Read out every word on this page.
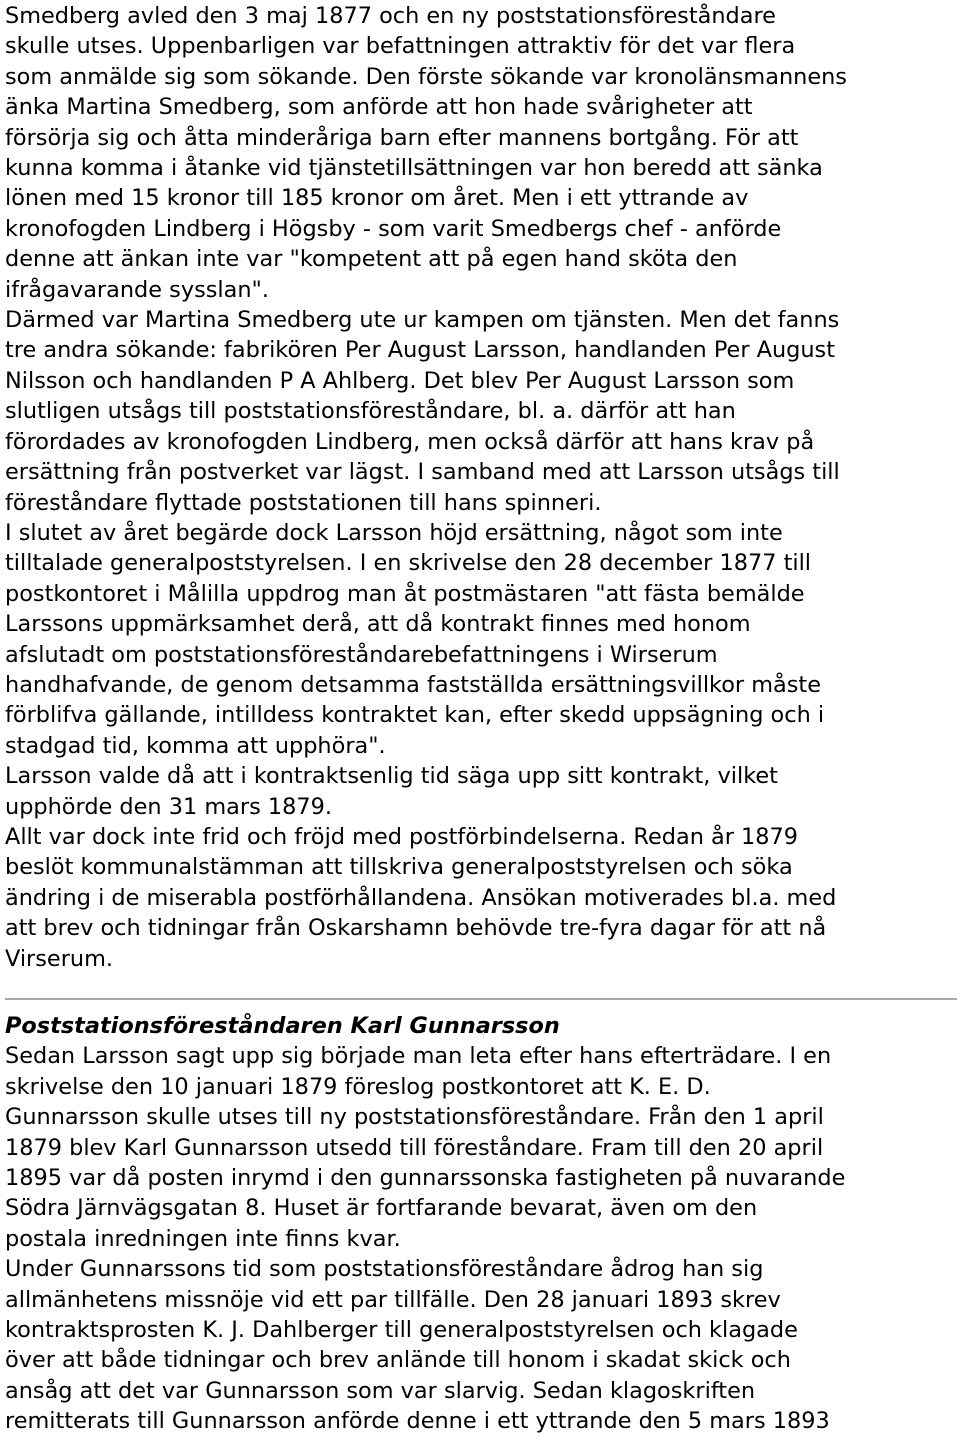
Smedberg avled den 3 maj 1877 och en ny poststationsföreståndare
skulle utses. Uppenbarligen var befattningen attraktiv för det var flera
som anmälde sig som sökande. Den förste sökande var kronolänsmannens
änka Martina Smedberg, som anförde att hon hade svårigheter att
försörja sig och åtta minderåriga barn efter mannens bortgång. För att
kunna komma i åtanke vid tjänstetillsättningen var hon beredd att sänka
lönen med 15 kronor till 185 kronor om året. Men i ett yttrande av
kronofogden Lindberg i Högsby - som varit Smedbergs chef - anförde
denne att änkan inte var "kompetent att på egen hand sköta den
ifrågavarande sysslan".
Därmed var Martina Smedberg ute ur kampen om tjänsten. Men det fanns
tre andra sökande: fabrikören Per August Larsson, handlanden Per August
Nilsson och handlanden P A Ahlberg. Det blev Per August Larsson som
slutligen utsågs till poststationsföreståndare, bl. a. därför att han
förordades av kronofogden Lindberg, men också därför att hans krav på
ersättning från postverket var lägst. I samband med att Larsson utsågs till
föreståndare flyttade poststationen till hans spinneri.
I slutet av året begärde dock Larsson höjd ersättning, något som inte
tilltalade generalpoststyrelsen. I en skrivelse den 28 december 1877 till
postkontoret i Målilla uppdrog man åt postmästaren "att fästa bemälde
Larssons uppmärksamhet derå, att då kontrakt finnes med honom
afslutadt om poststationsföreståndarebefattningens i Wirserum
handhafvande, de genom detsamma fastställda ersättningsvillkor måste
förblifva gällande, intilldess kontraktet kan, efter skedd uppsägning och i
stadgad tid, komma att upphöra".
Larsson valde då att i kontraktsenlig tid säga upp sitt kontrakt, vilket
upphörde den 31 mars 1879.
Allt var dock inte frid och fröjd med postförbindelserna. Redan år 1879
beslöt kommunalstämman att tillskriva generalpoststyrelsen och söka
ändring i de miserabla postförhållandena. Ansökan motiverades bl.a. med
att brev och tidningar från Oskarshamn behövde tre-fyra dagar för att nå
Virserum.
Poststationsföreståndaren Karl Gunnarsson
Sedan Larsson sagt upp sig började man leta efter hans efterträdare. I en
skrivelse den 10 januari 1879 föreslog postkontoret att K. E. D.
Gunnarsson skulle utses till ny poststationsföreståndare. Från den 1 april
1879 blev Karl Gunnarsson utsedd till föreståndare. Fram till den 20 april
1895 var då posten inrymd i den gunnarssonska fastigheten på nuvarande
Södra Järnvägsgatan 8. Huset är fortfarande bevarat, även om den
postala inredningen inte finns kvar.
Under Gunnarssons tid som poststationsföreståndare ådrog han sig
allmänhetens missnöje vid ett par tillfälle. Den 28 januari 1893 skrev
kontraktsprosten K. J. Dahlberger till generalpoststyrelsen och klagade
över att både tidningar och brev anlände till honom i skadat skick och
ansåg att det var Gunnarsson som var slarvig. Sedan klagoskriften
remitterats till Gunnarsson anförde denne i ett yttrande den 5 mars 1893
